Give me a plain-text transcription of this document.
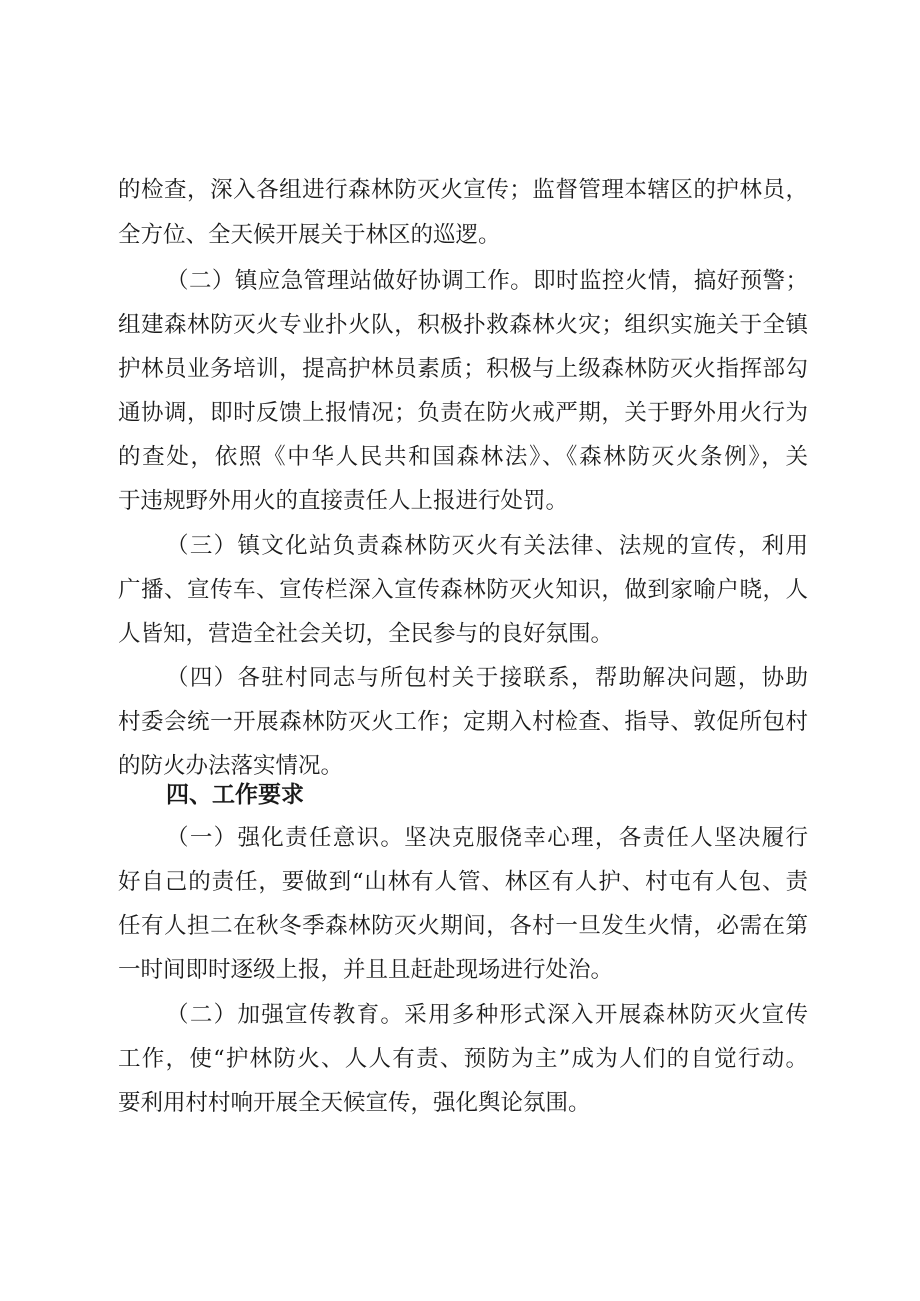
的检查，深入各组进行森林防灭火宣传；监督管理本辖区的护林员，
全方位、全天候开展关于林区的巡逻。
（二）镇应急管理站做好协调工作。即时监控火情，搞好预警；
组建森林防灭火专业扑火队，积极扑救森林火灾；组织实施关于全镇
护林员业务培训，提高护林员素质；积极与上级森林防灭火指挥部勾
通协调，即时反馈上报情况；负责在防火戒严期，关于野外用火行为
的查处，依照《中华人民共和国森林法》、《森林防灭火条例》，关
于违规野外用火的直接责任人上报进行处罚。
（三）镇文化站负责森林防灭火有关法律、法规的宣传，利用
广播、宣传车、宣传栏深入宣传森林防灭火知识，做到家喻户晓，人
人皆知，营造全社会关切，全民参与的良好氛围。
（四）各驻村同志与所包村关于接联系，帮助解决问题，协助
村委会统一开展森林防灭火工作；定期入村检查、指导、敦促所包村
的防火办法落实情况。
四、工作要求
（一）强化责任意识。坚决克服侥幸心理，各责任人坚决履行
好自己的责任，要做到“山林有人管、林区有人护、村屯有人包、责
任有人担二在秋冬季森林防灭火期间，各村一旦发生火情，必需在第
一时间即时逐级上报，并且且赶赴现场进行处治。
（二）加强宣传教育。采用多种形式深入开展森林防灭火宣传
工作，使“护林防火、人人有责、预防为主”成为人们的自觉行动。
要利用村村响开展全天候宣传，强化舆论氛围。
